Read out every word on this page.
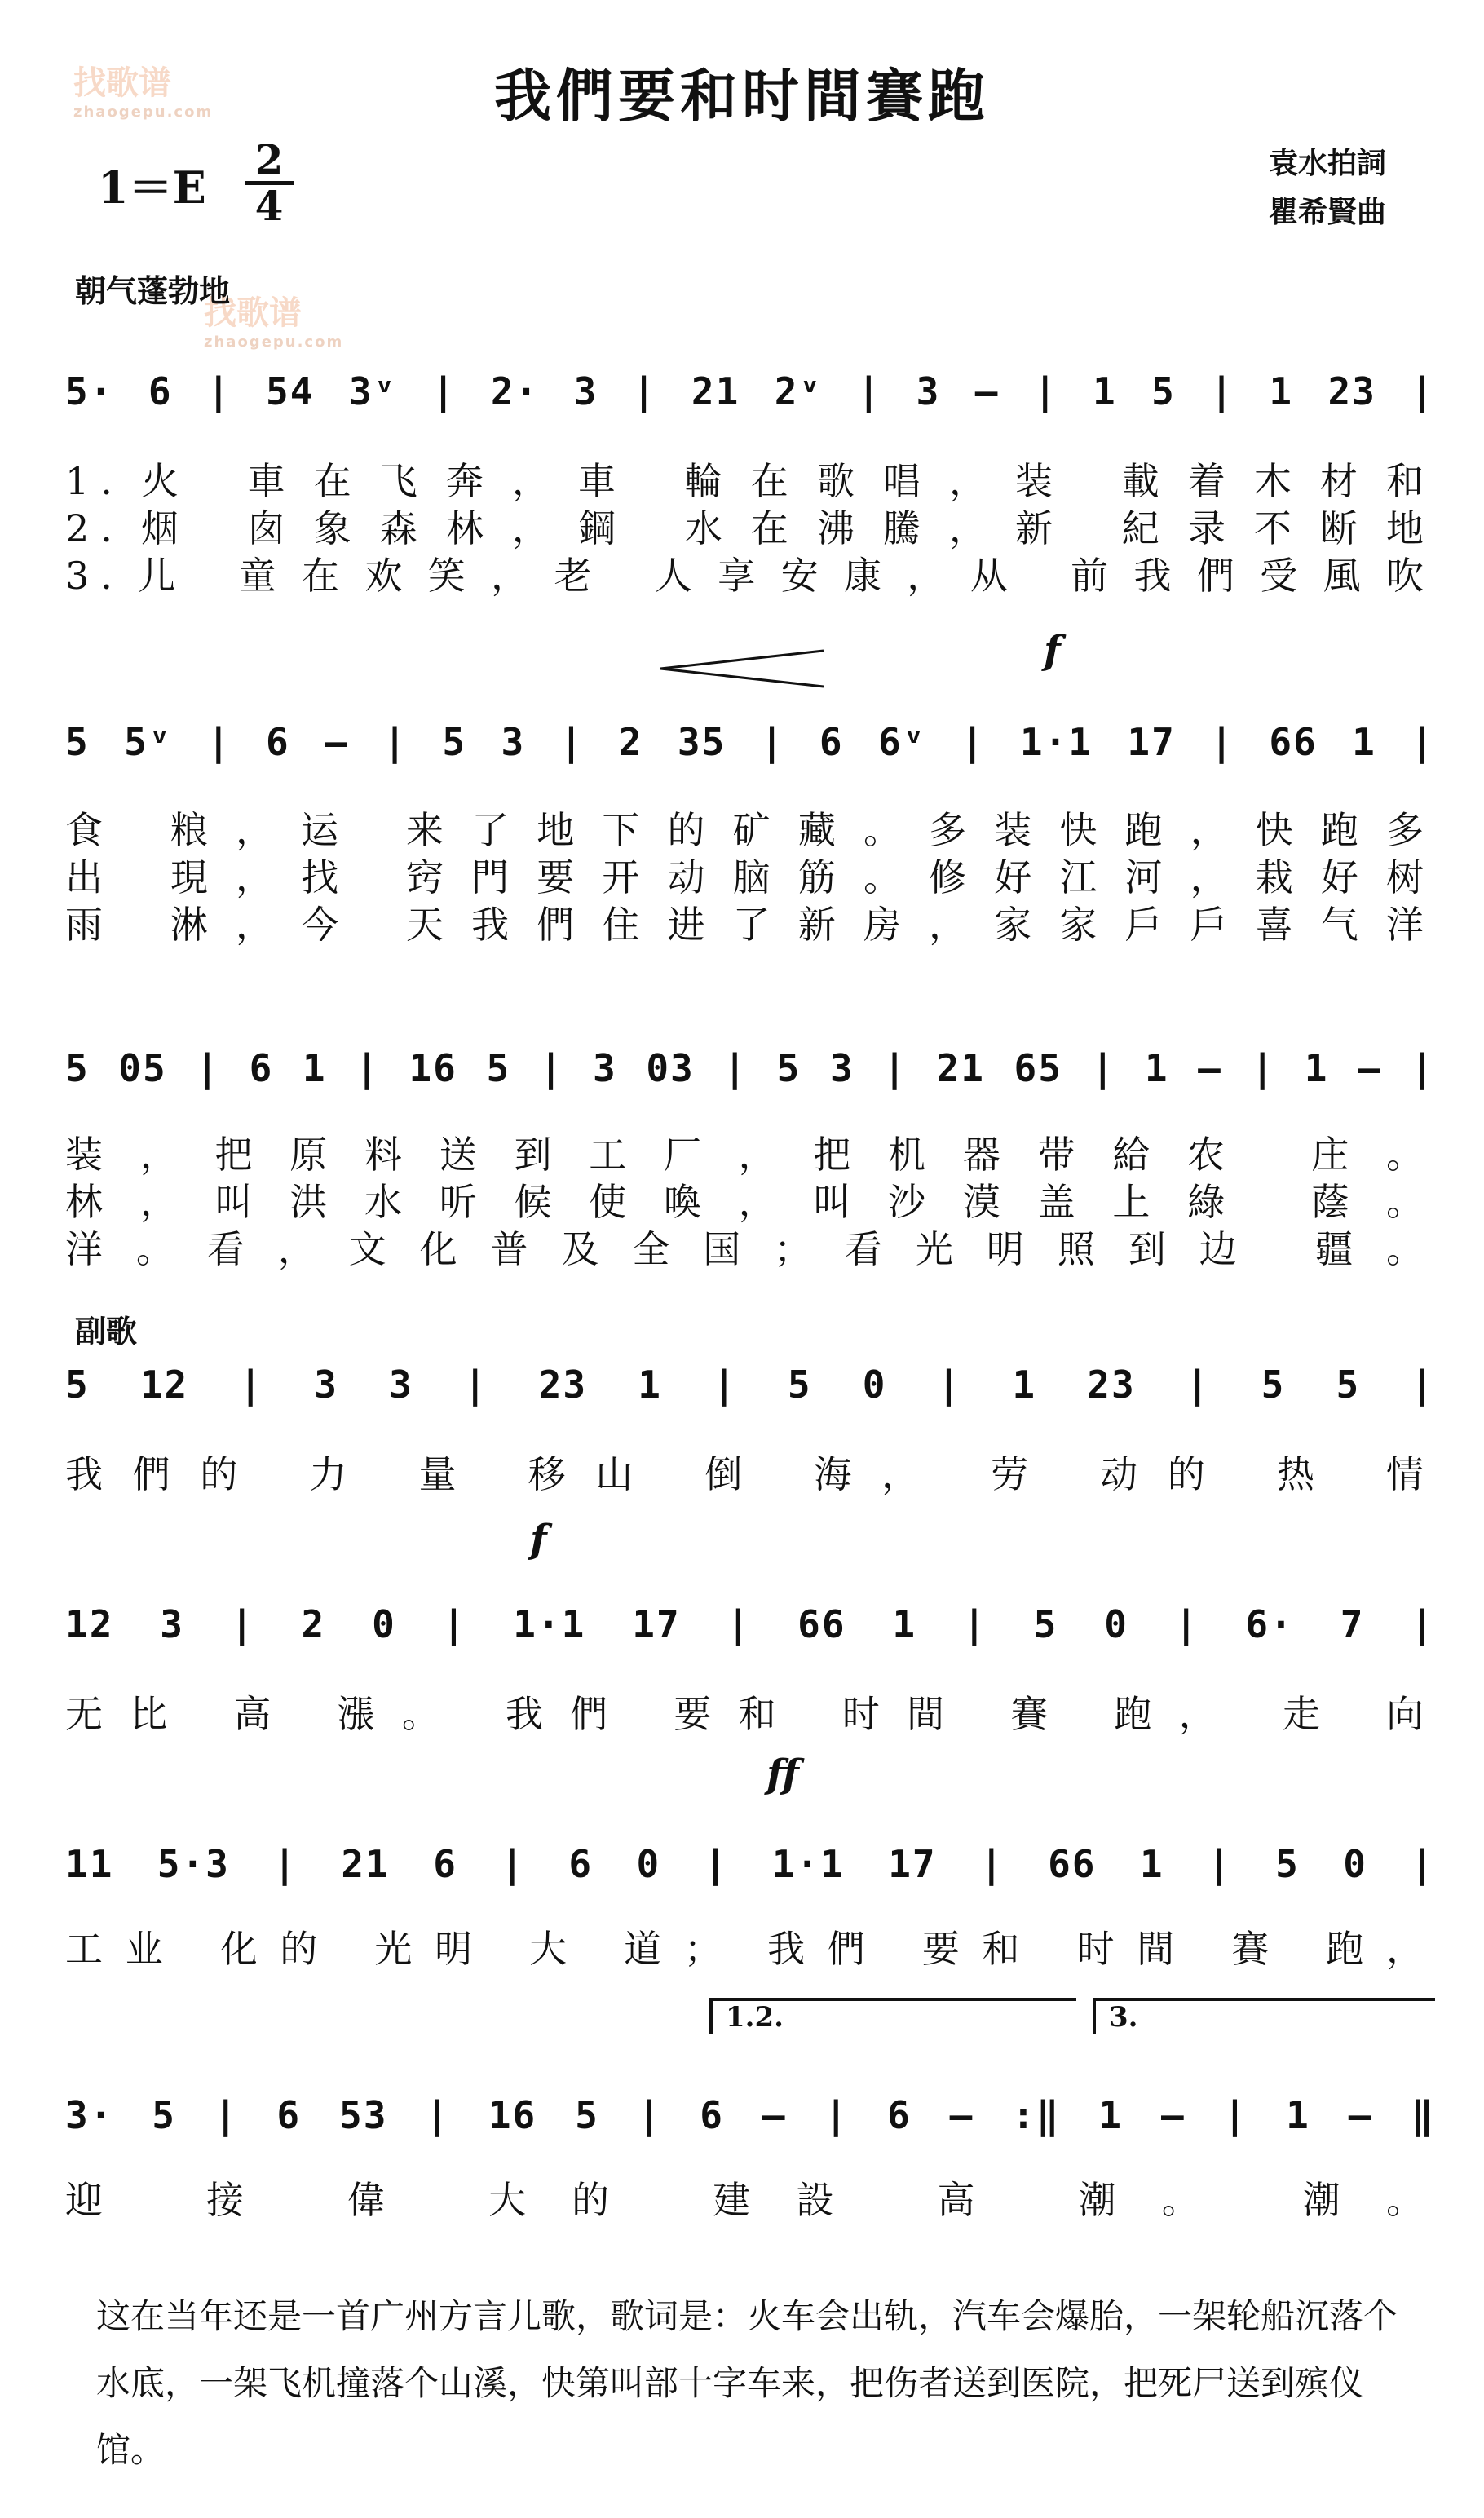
找歌谱
zhaogepu.com
找歌谱
zhaogepu.com
我們要和时間賽跑
1＝E
2
4
袁水拍詞
瞿希賢曲
朝气蓬勃地
5· 6 | 54 3ᵛ | 2· 3 | 21 2ᵛ | 3 — | 1 5 | 1 23 |
1.火 車在飞奔，車 輪在歌唱，装 載着木材和
2.烟 囱象森林，鋼 水在沸騰，新 紀录不断地
3.儿 童在欢笑，老 人享安康，从 前我們受風吹
f
5 5ᵛ | 6 — | 5 3 | 2 35 | 6 6ᵛ | 1·1 17 | 66 1 |
食 粮，运 来了地下的矿藏。多装快跑，快跑多
出 現，找 窍門要开动脑筋。修好江河，栽好树
雨 淋，今 天我們住进了新房，家家戶戶喜气洋
5 05 | 6 1 | 16 5 | 3 03 | 5 3 | 21 65 | 1 — | 1 — |
装，把原料送到工厂，把机器带給农 庄。
林，叫洪水听候使喚，叫沙漠盖上綠 蔭。
洋。看，文化普及全国；看光明照到边 疆。
副歌
5 12 | 3 3 | 23 1 | 5 0 | 1 23 | 5 5 |
我們的 力 量 移山 倒 海， 劳 动的 热 情
f
12 3 | 2 0 | 1·1 17 | 66 1 | 5 0 | 6· 7 |
无比 高 漲。 我們 要和 时間 賽 跑， 走 向
ff
11 5·3 | 21 6 | 6 0 | 1·1 17 | 66 1 | 5 0 |
工业 化的 光明 大 道； 我們 要和 时間 賽 跑，
1.2.	3.
3· 5 | 6 53 | 16 5 | 6 — | 6 — :‖ 1 — | 1 — ‖
迎 接 偉 大的 建設 高 潮。 潮。
这在当年还是一首广州方言儿歌，歌词是：火车会出轨，汽车会爆胎，一架轮船沉落个水底，一架飞机撞落个山溪，快第叫部十字车来，把伤者送到医院，把死尸送到殡仪馆。
